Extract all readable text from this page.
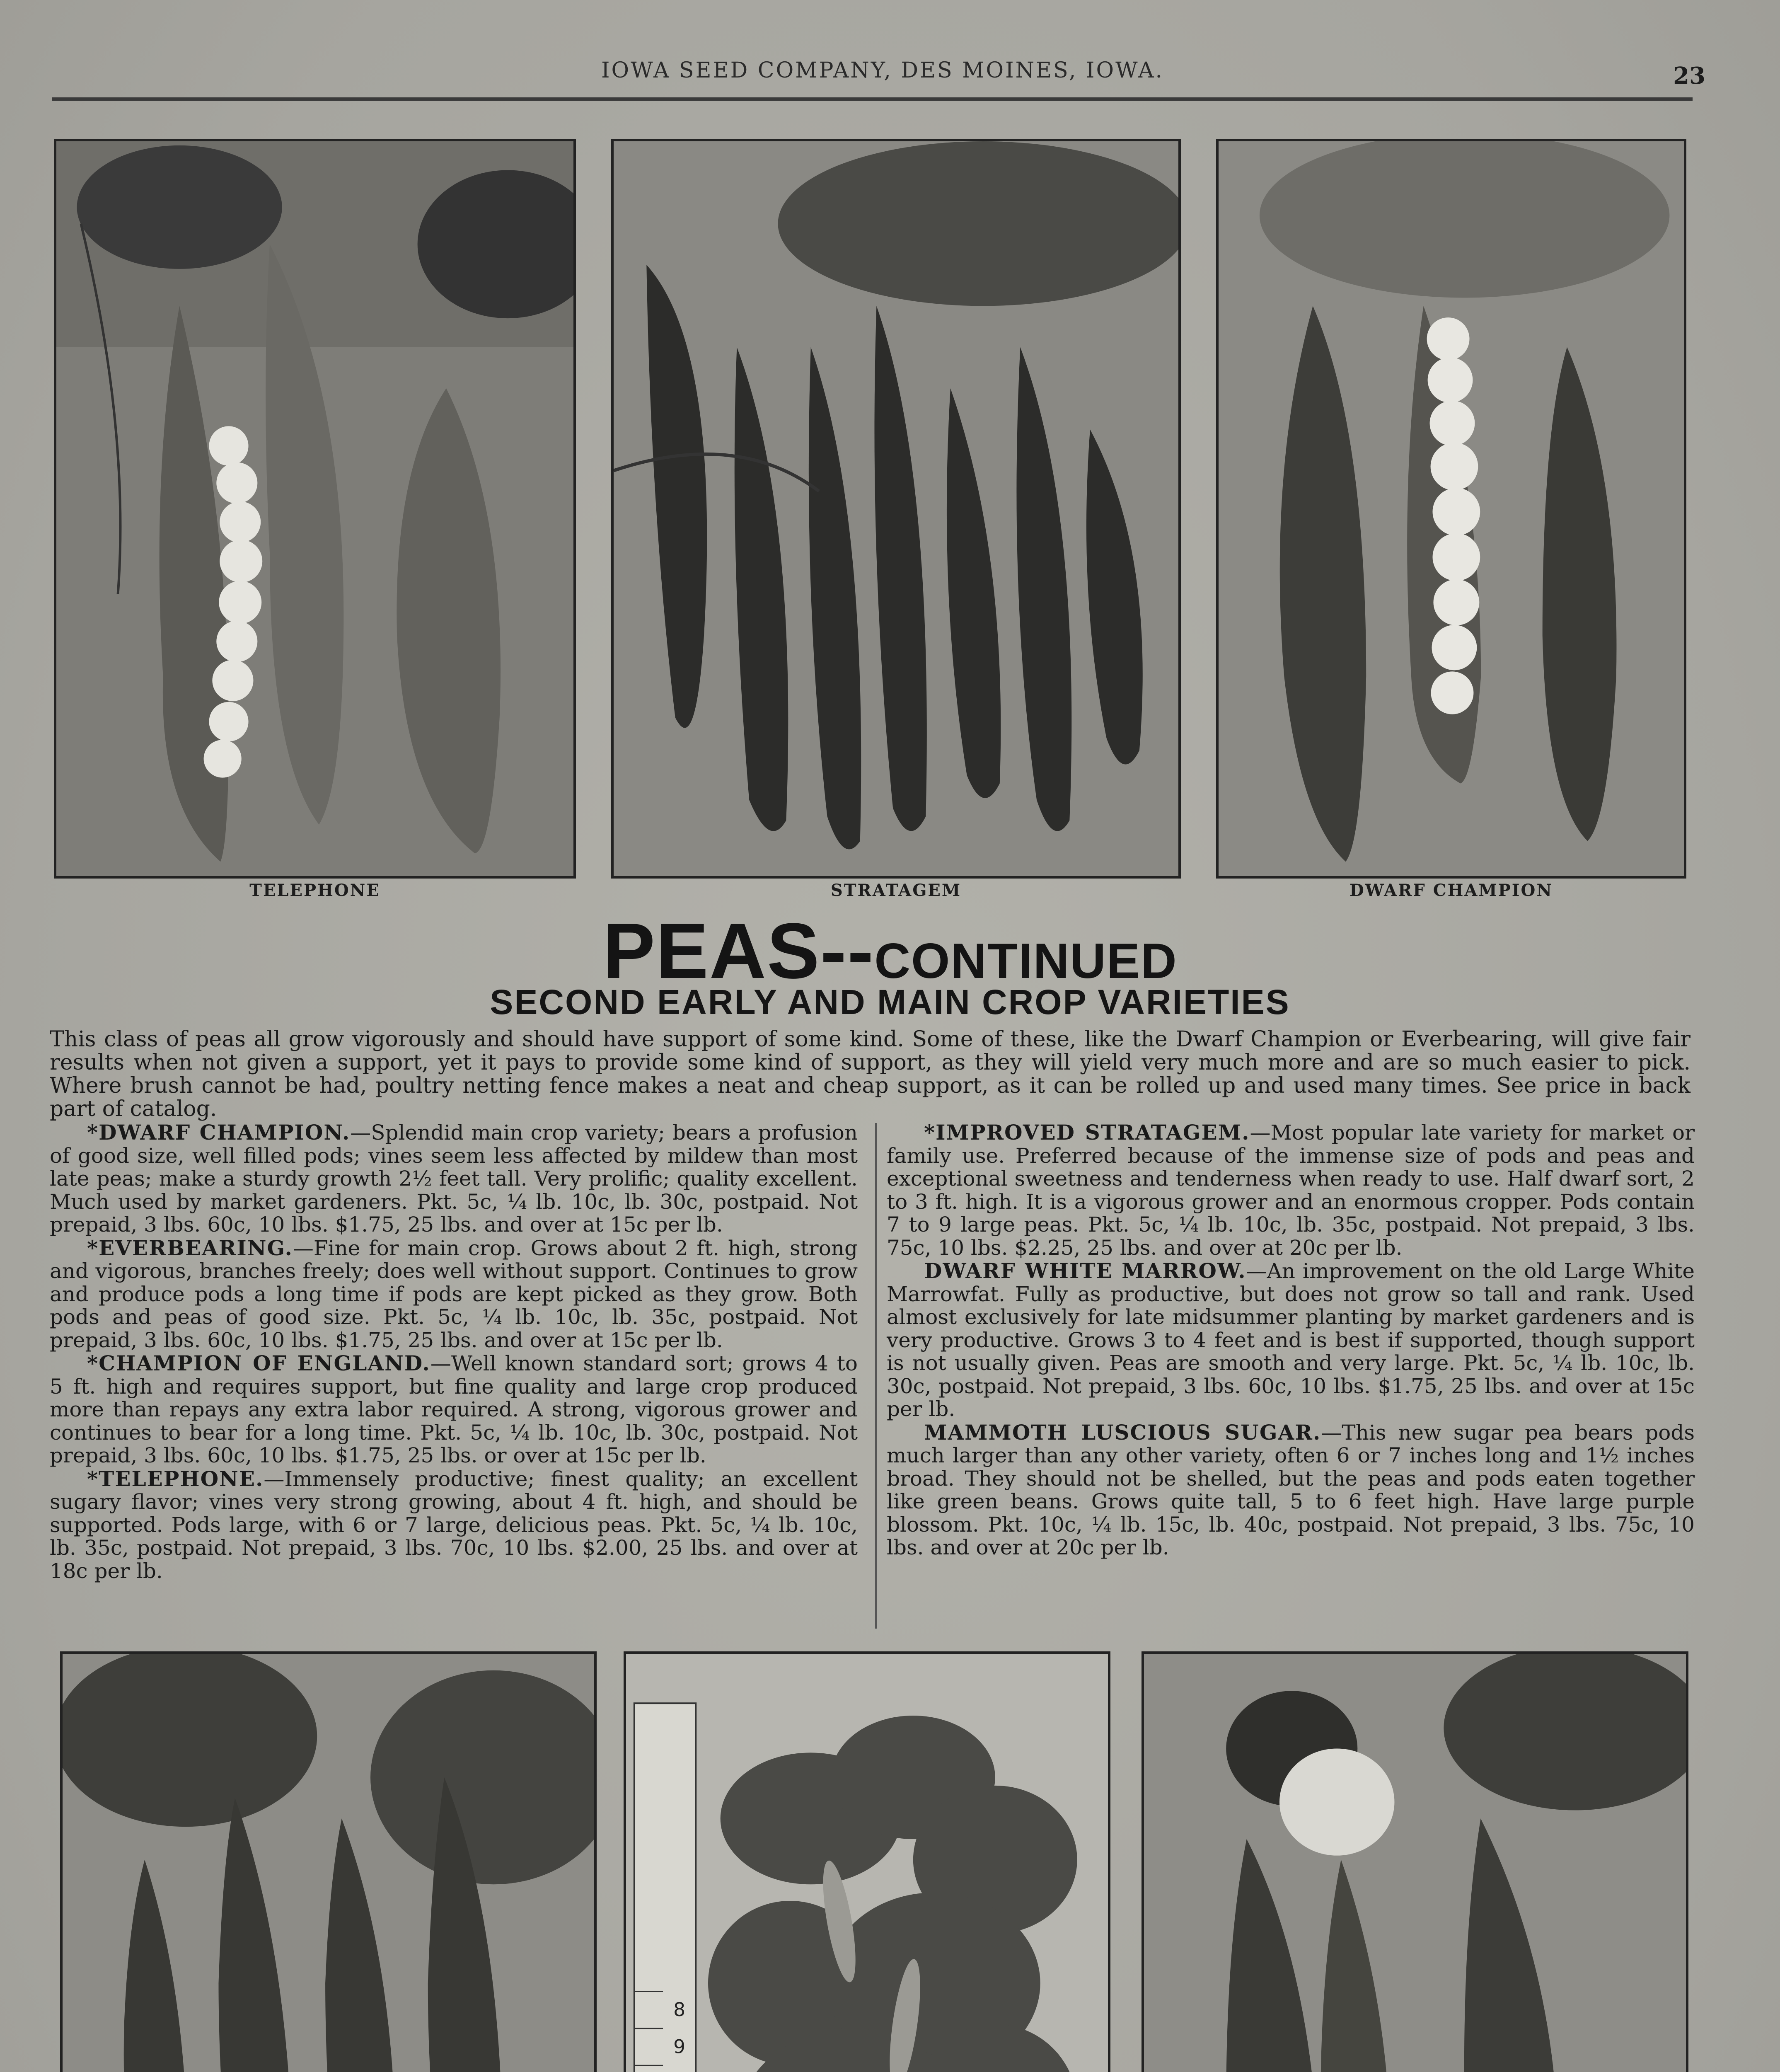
IOWA SEED COMPANY, DES MOINES, IOWA.	23
TELEPHONE	STRATAGEM	DWARF CHAMPION
PEAS--CONTINUED
SECOND EARLY AND MAIN CROP VARIETIES
This class of peas all grow vigorously and should have support of some kind. Some of these, like the Dwarf Champion or Everbearing, will give fair results when not given a support, yet it pays to provide some kind of support, as they will yield very much more and are so much easier to pick. Where brush cannot be had, poultry netting fence makes a neat and cheap support, as it can be rolled up and used many times. See price in back part of catalog.

*DWARF CHAMPION.—Splendid main crop variety; bears a profusion of good size, well filled pods; vines seem less affected by mildew than most late peas; make a sturdy growth 2½ feet tall. Very prolific; quality excellent. Much used by market gardeners. Pkt. 5c, ¼ lb. 10c, lb. 30c, postpaid. Not prepaid, 3 lbs. 60c, 10 lbs. $1.75, 25 lbs. and over at 15c per lb.

*EVERBEARING.—Fine for main crop. Grows about 2 ft. high, strong and vigorous, branches freely; does well without support. Continues to grow and produce pods a long time if pods are kept picked as they grow. Both pods and peas of good size. Pkt. 5c, ¼ lb. 10c, lb. 35c, postpaid. Not prepaid, 3 lbs. 60c, 10 lbs. $1.75, 25 lbs. and over at 15c per lb.

*CHAMPION OF ENGLAND.—Well known standard sort; grows 4 to 5 ft. high and requires support, but fine quality and large crop produced more than repays any extra labor required. A strong, vigorous grower and continues to bear for a long time. Pkt. 5c, ¼ lb. 10c, lb. 30c, postpaid. Not prepaid, 3 lbs. 60c, 10 lbs. $1.75, 25 lbs. or over at 15c per lb.

*TELEPHONE.—Immensely productive; finest quality; an excellent sugary flavor; vines very strong growing, about 4 ft. high, and should be supported. Pods large, with 6 or 7 large, delicious peas. Pkt. 5c, ¼ lb. 10c, lb. 35c, postpaid. Not prepaid, 3 lbs. 70c, 10 lbs. $2.00, 25 lbs. and over at 18c per lb.

*IMPROVED STRATAGEM.—Most popular late variety for market or family use. Preferred because of the immense size of pods and peas and exceptional sweetness and tenderness when ready to use. Half dwarf sort, 2 to 3 ft. high. It is a vigorous grower and an enormous cropper. Pods contain 7 to 9 large peas. Pkt. 5c, ¼ lb. 10c, lb. 35c, postpaid. Not prepaid, 3 lbs. 75c, 10 lbs. $2.25, 25 lbs. and over at 20c per lb.

DWARF WHITE MARROW.—An improvement on the old Large White Marrowfat. Fully as productive, but does not grow so tall and rank. Used almost exclusively for late midsummer planting by market gardeners and is very productive. Grows 3 to 4 feet and is best if supported, though support is not usually given. Peas are smooth and very large. Pkt. 5c, ¼ lb. 10c, lb. 30c, postpaid. Not prepaid, 3 lbs. 60c, 10 lbs. $1.75, 25 lbs. and over at 15c per lb.

MAMMOTH LUSCIOUS SUGAR.—This new sugar pea bears pods much larger than any other variety, often 6 or 7 inches long and 1½ inches broad. They should not be shelled, but the peas and pods eaten together like green beans. Grows quite tall, 5 to 6 feet high. Have large purple blossom. Pkt. 10c, ¼ lb. 15c, lb. 40c, postpaid. Not prepaid, 3 lbs. 75c, 10 lbs. and over at 20c per lb.

8
9
